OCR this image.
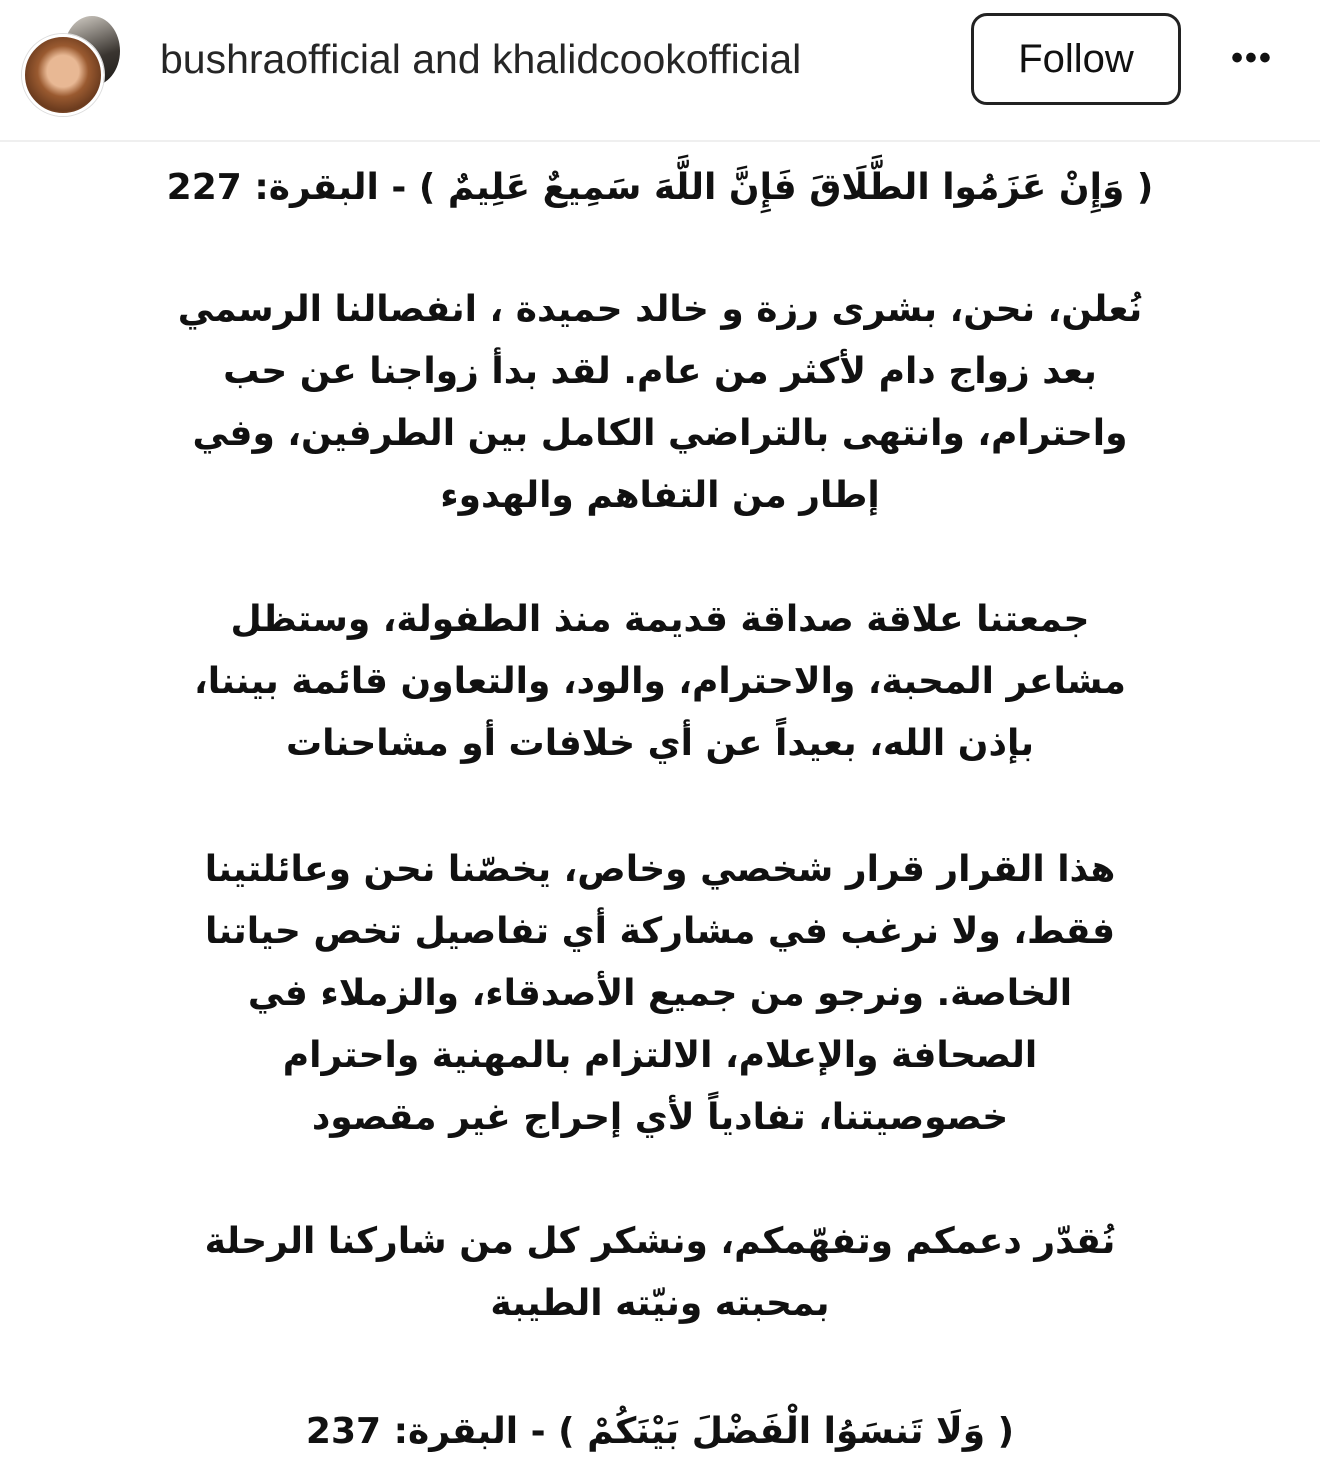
bushraofficial and khalidcookofficial	Follow	•••
( وَإِنْ عَزَمُوا الطَّلَاقَ فَإِنَّ اللَّهَ سَمِيعٌ عَلِيمٌ ) - البقرة: 227
نُعلن، نحن، بشرى رزة و خالد حميدة ، انفصالنا الرسمي
بعد زواج دام لأكثر من عام. لقد بدأ زواجنا عن حب
واحترام، وانتهى بالتراضي الكامل بين الطرفين، وفي
إطار من التفاهم والهدوء
جمعتنا علاقة صداقة قديمة منذ الطفولة، وستظل
مشاعر المحبة، والاحترام، والود، والتعاون قائمة بيننا،
بإذن الله، بعيداً عن أي خلافات أو مشاحنات
هذا القرار قرار شخصي وخاص، يخصّنا نحن وعائلتينا
فقط، ولا نرغب في مشاركة أي تفاصيل تخص حياتنا
الخاصة. ونرجو من جميع الأصدقاء، والزملاء في
الصحافة والإعلام، الالتزام بالمهنية واحترام
خصوصيتنا، تفادياً لأي إحراج غير مقصود
نُقدّر دعمكم وتفهّمكم، ونشكر كل من شاركنا الرحلة
بمحبته ونيّته الطيبة
( وَلَا تَنسَوُا الْفَضْلَ بَيْنَكُمْ ) - البقرة: 237
